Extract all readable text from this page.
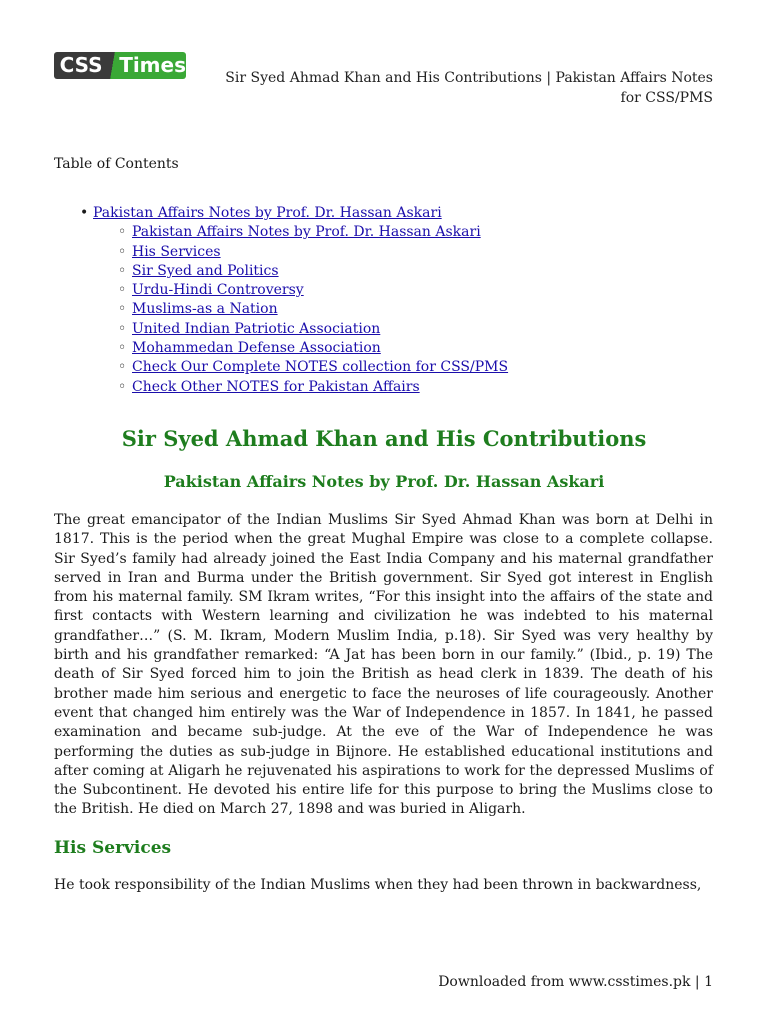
CSS Times
Sir Syed Ahmad Khan and His Contributions | Pakistan Affairs Notes
for CSS/PMS
Table of Contents
• Pakistan Affairs Notes by Prof. Dr. Hassan Askari
◦ Pakistan Affairs Notes by Prof. Dr. Hassan Askari
◦ His Services
◦ Sir Syed and Politics
◦ Urdu-Hindi Controversy
◦ Muslims-as a Nation
◦ United Indian Patriotic Association
◦ Mohammedan Defense Association
◦ Check Our Complete NOTES collection for CSS/PMS
◦ Check Other NOTES for Pakistan Affairs
Sir Syed Ahmad Khan and His Contributions
Pakistan Affairs Notes by Prof. Dr. Hassan Askari

The great emancipator of the Indian Muslims Sir Syed Ahmad Khan was born at Delhi in 1817. This is the period when the great Mughal Empire was close to a complete collapse. Sir Syed’s family had already joined the East India Company and his maternal grandfather served in Iran and Burma under the British government. Sir Syed got interest in English from his maternal family. SM Ikram writes, “For this insight into the affairs of the state and first contacts with Western learning and civilization he was indebted to his maternal grandfather…” (S. M. Ikram, Modern Muslim India, p.18). Sir Syed was very healthy by birth and his grandfather remarked: “A Jat has been born in our family.” (Ibid., p. 19) The death of Sir Syed forced him to join the British as head clerk in 1839. The death of his brother made him serious and energetic to face the neuroses of life courageously. Another event that changed him entirely was the War of Independence in 1857. In 1841, he passed examination and became sub-judge. At the eve of the War of Independence he was performing the duties as sub-judge in Bijnore. He established educational institutions and after coming at Aligarh he rejuvenated his aspirations to work for the depressed Muslims of the Subcontinent. He devoted his entire life for this purpose to bring the Muslims close to the British. He died on March 27, 1898 and was buried in Aligarh.

His Services

He took responsibility of the Indian Muslims when they had been thrown in backwardness,

Downloaded from www.csstimes.pk | 1
